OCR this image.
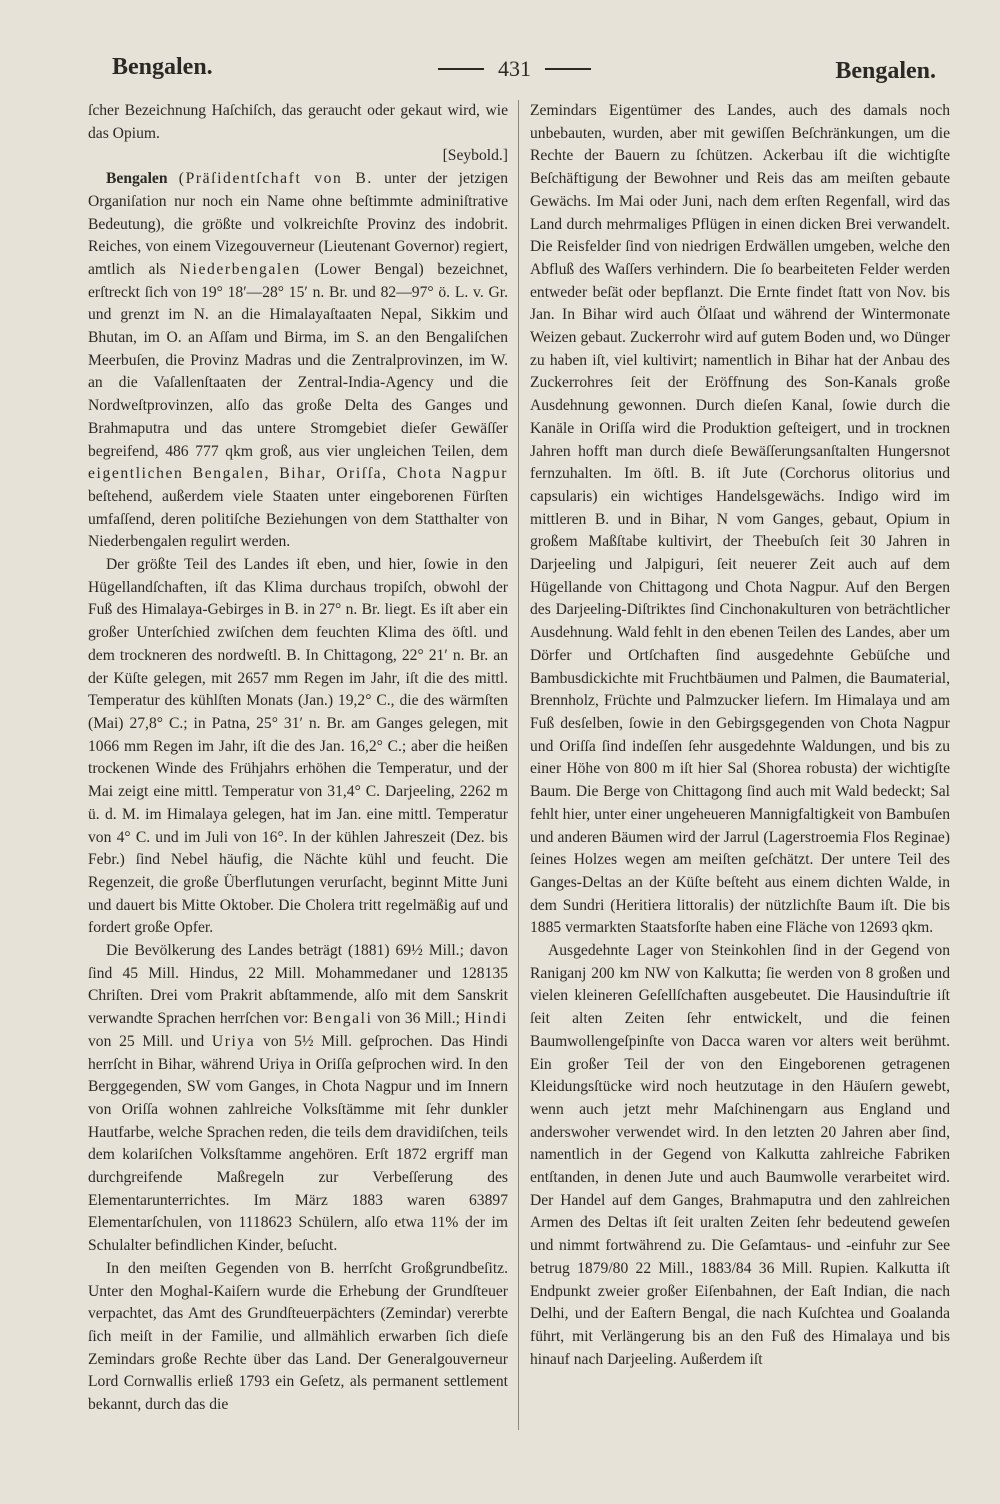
Bengalen.	431	Bengalen.

ſcher Bezeichnung Haſchiſch, das geraucht oder gekaut wird, wie das Opium.
[Seybold.]

Bengalen (Präſidentſchaft von B. unter der jetzigen Organiſation nur noch ein Name ohne beſtimmte adminiſtrative Bedeutung), die größte und volkreichſte Provinz des indobrit. Reiches, von einem Vizegouverneur (Lieutenant Governor) regiert, amtlich als Niederbengalen (Lower Bengal) bezeichnet, erſtreckt ſich von 19° 18′—28° 15′ n. Br. und 82—97° ö. L. v. Gr. und grenzt im N. an die Himalayaſtaaten Nepal, Sikkim und Bhutan, im O. an Aſſam und Birma, im S. an den Bengaliſchen Meerbuſen, die Provinz Madras und die Zentralprovinzen, im W. an die Vaſallenſtaaten der Zentral-India-Agency und die Nordweſtprovinzen, alſo das große Delta des Ganges und Brahmaputra und das untere Stromgebiet dieſer Gewäſſer begreifend, 486 777 qkm groß, aus vier ungleichen Teilen, dem eigentlichen Bengalen, Bihar, Oriſſa, Chota Nagpur beſtehend, außerdem viele Staaten unter eingeborenen Fürſten umfaſſend, deren politiſche Beziehungen von dem Statthalter von Niederbengalen regulirt werden.

Der größte Teil des Landes iſt eben, und hier, ſowie in den Hügellandſchaften, iſt das Klima durchaus tropiſch, obwohl der Fuß des Himalaya-Gebirges in B. in 27° n. Br. liegt. Es iſt aber ein großer Unterſchied zwiſchen dem feuchten Klima des öſtl. und dem trockneren des nordweſtl. B. In Chittagong, 22° 21′ n. Br. an der Küſte gelegen, mit 2657 mm Regen im Jahr, iſt die des mittl. Temperatur des kühlſten Monats (Jan.) 19,2° C., die des wärmſten (Mai) 27,8° C.; in Patna, 25° 31′ n. Br. am Ganges gelegen, mit 1066 mm Regen im Jahr, iſt die des Jan. 16,2° C.; aber die heißen trockenen Winde des Frühjahrs erhöhen die Temperatur, und der Mai zeigt eine mittl. Temperatur von 31,4° C. Darjeeling, 2262 m ü. d. M. im Himalaya gelegen, hat im Jan. eine mittl. Temperatur von 4° C. und im Juli von 16°. In der kühlen Jahreszeit (Dez. bis Febr.) ſind Nebel häufig, die Nächte kühl und feucht. Die Regenzeit, die große Überflutungen verurſacht, beginnt Mitte Juni und dauert bis Mitte Oktober. Die Cholera tritt regelmäßig auf und fordert große Opfer.

Die Bevölkerung des Landes beträgt (1881) 69½ Mill.; davon ſind 45 Mill. Hindus, 22 Mill. Mohammedaner und 128135 Chriſten. Drei vom Prakrit abſtammende, alſo mit dem Sanskrit verwandte Sprachen herrſchen vor: Bengali von 36 Mill.; Hindi von 25 Mill. und Uriya von 5½ Mill. geſprochen. Das Hindi herrſcht in Bihar, während Uriya in Oriſſa geſprochen wird. In den Berggegenden, SW vom Ganges, in Chota Nagpur und im Innern von Oriſſa wohnen zahlreiche Volksſtämme mit ſehr dunkler Hautfarbe, welche Sprachen reden, die teils dem dravidiſchen, teils dem kolariſchen Volksſtamme angehören. Erſt 1872 ergriff man durchgreifende Maßregeln zur Verbeſſerung des Elementarunterrichtes. Im März 1883 waren 63897 Elementarſchulen, von 1118623 Schülern, alſo etwa 11% der im Schulalter befindlichen Kinder, beſucht.

In den meiſten Gegenden von B. herrſcht Großgrundbeſitz. Unter den Moghal-Kaiſern wurde die Erhebung der Grundſteuer verpachtet, das Amt des Grundſteuerpächters (Zemindar) vererbte ſich meiſt in der Familie, und allmählich erwarben ſich dieſe Zemindars große Rechte über das Land. Der Generalgouverneur Lord Cornwallis erließ 1793 ein Geſetz, als permanent settlement bekannt, durch das die

Zemindars Eigentümer des Landes, auch des damals noch unbebauten, wurden, aber mit gewiſſen Beſchränkungen, um die Rechte der Bauern zu ſchützen. Ackerbau iſt die wichtigſte Beſchäftigung der Bewohner und Reis das am meiſten gebaute Gewächs. Im Mai oder Juni, nach dem erſten Regenfall, wird das Land durch mehrmaliges Pflügen in einen dicken Brei verwandelt. Die Reisfelder ſind von niedrigen Erdwällen umgeben, welche den Abfluß des Waſſers verhindern. Die ſo bearbeiteten Felder werden entweder beſät oder bepflanzt. Die Ernte findet ſtatt von Nov. bis Jan. In Bihar wird auch Ölſaat und während der Wintermonate Weizen gebaut. Zuckerrohr wird auf gutem Boden und, wo Dünger zu haben iſt, viel kultivirt; namentlich in Bihar hat der Anbau des Zuckerrohres ſeit der Eröffnung des Son-Kanals große Ausdehnung gewonnen. Durch dieſen Kanal, ſowie durch die Kanäle in Oriſſa wird die Produktion geſteigert, und in trocknen Jahren hofft man durch dieſe Bewäſſerungsanſtalten Hungersnot fernzuhalten. Im öſtl. B. iſt Jute (Corchorus olitorius und capsularis) ein wichtiges Handelsgewächs. Indigo wird im mittleren B. und in Bihar, N vom Ganges, gebaut, Opium in großem Maßſtabe kultivirt, der Theebuſch ſeit 30 Jahren in Darjeeling und Jalpiguri, ſeit neuerer Zeit auch auf dem Hügellande von Chittagong und Chota Nagpur. Auf den Bergen des Darjeeling-Diſtriktes ſind Cinchonakulturen von beträchtlicher Ausdehnung. Wald fehlt in den ebenen Teilen des Landes, aber um Dörfer und Ortſchaften ſind ausgedehnte Gebüſche und Bambusdickichte mit Fruchtbäumen und Palmen, die Baumaterial, Brennholz, Früchte und Palmzucker liefern. Im Himalaya und am Fuß desſelben, ſowie in den Gebirgsgegenden von Chota Nagpur und Oriſſa ſind indeſſen ſehr ausgedehnte Waldungen, und bis zu einer Höhe von 800 m iſt hier Sal (Shorea robusta) der wichtigſte Baum. Die Berge von Chittagong ſind auch mit Wald bedeckt; Sal fehlt hier, unter einer ungeheueren Mannigfaltigkeit von Bambuſen und anderen Bäumen wird der Jarrul (Lagerstroemia Flos Reginae) ſeines Holzes wegen am meiſten geſchätzt. Der untere Teil des Ganges-Deltas an der Küſte beſteht aus einem dichten Walde, in dem Sundri (Heritiera littoralis) der nützlichſte Baum iſt. Die bis 1885 vermarkten Staatsforſte haben eine Fläche von 12693 qkm.

Ausgedehnte Lager von Steinkohlen ſind in der Gegend von Raniganj 200 km NW von Kalkutta; ſie werden von 8 großen und vielen kleineren Geſellſchaften ausgebeutet. Die Hausinduſtrie iſt ſeit alten Zeiten ſehr entwickelt, und die feinen Baumwollengeſpinſte von Dacca waren vor alters weit berühmt. Ein großer Teil der von den Eingeborenen getragenen Kleidungsſtücke wird noch heutzutage in den Häuſern gewebt, wenn auch jetzt mehr Maſchinengarn aus England und anderswoher verwendet wird. In den letzten 20 Jahren aber ſind, namentlich in der Gegend von Kalkutta zahlreiche Fabriken entſtanden, in denen Jute und auch Baumwolle verarbeitet wird. Der Handel auf dem Ganges, Brahmaputra und den zahlreichen Armen des Deltas iſt ſeit uralten Zeiten ſehr bedeutend geweſen und nimmt fortwährend zu. Die Geſamtaus- und -einfuhr zur See betrug 1879/80 22 Mill., 1883/84 36 Mill. Rupien. Kalkutta iſt Endpunkt zweier großer Eiſenbahnen, der Eaſt Indian, die nach Delhi, und der Eaſtern Bengal, die nach Kuſchtea und Goalanda führt, mit Verlängerung bis an den Fuß des Himalaya und bis hinauf nach Darjeeling. Außerdem iſt
